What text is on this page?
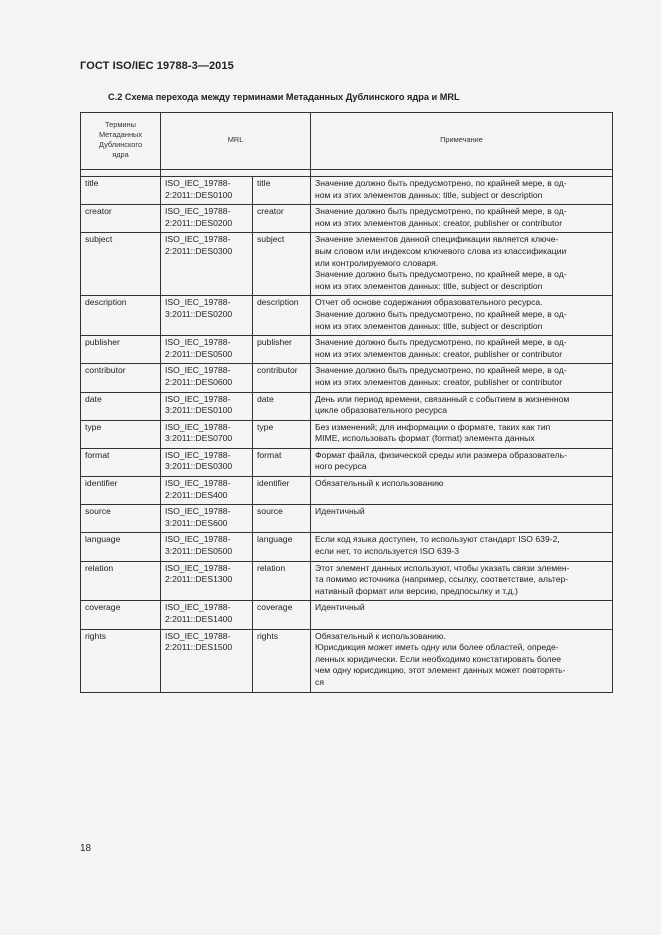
ГОСТ ISO/IEC 19788-3—2015
С.2 Схема перехода между терминами Метаданных Дублинского ядра и MRL
Термины
Метаданных
Дублинского
ядра	MRL		Примечание

title	ISO_IEC_19788-
2:2011::DES0100	title	Значение должно быть предусмотрено, по крайней мере, в од-
ном из этих элементов данных: title, subject or description

creator	ISO_IEC_19788-
2:2011::DES0200	creator	Значение должно быть предусмотрено, по крайней мере, в од-
ном из этих элементов данных: creator, publisher or contributor

subject	ISO_IEC_19788-
2:2011::DES0300	subject	Значение элементов данной спецификации является ключе-
вым словом или индексом ключевого слова из классификации
или контролируемого словаря.
Значение должно быть предусмотрено, по крайней мере, в од-
ном из этих элементов данных: title, subject or description

description	ISO_IEC_19788-
3:2011::DES0200	description	Отчет об основе содержания образовательного ресурса.
Значение должно быть предусмотрено, по крайней мере, в од-
ном из этих элементов данных: title, subject or description

publisher	ISO_IEC_19788-
2:2011::DES0500	publisher	Значение должно быть предусмотрено, по крайней мере, в од-
ном из этих элементов данных: creator, publisher or contributor

contributor	ISO_IEC_19788-
2:2011::DES0600	contributor	Значение должно быть предусмотрено, по крайней мере, в од-
ном из этих элементов данных: creator, publisher or contributor

date	ISO_IEC_19788-
3:2011::DES0100	date	День или период времени, связанный с событием в жизненном
цикле образовательного ресурса

type	ISO_IEC_19788-
3:2011::DES0700	type	Без изменений; для информации о формате, таких как тип
MIME, использовать формат (format) элемента данных

format	ISO_IEC_19788-
3:2011::DES0300	format	Формат файла, физической среды или размера образователь-
ного ресурса

identifier	ISO_IEC_19788-
2:2011::DES400	identifier	Обязательный к использованию

source	ISO_IEC_19788-
3:2011::DES600	source	Идентичный

language	ISO_IEC_19788-
3:2011::DES0500	language	Если код языка доступен, то используют стандарт ISO 639-2,
если нет, то используется ISO 639-3

relation	ISO_IEC_19788-
2:2011::DES1300	relation	Этот элемент данных используют, чтобы указать связи элемен-
та помимо источника (например, ссылку, соответствие, альтер-
нативный формат или версию, предпосылку и т.д.)

coverage	ISO_IEC_19788-
2:2011::DES1400	coverage	Идентичный

rights	ISO_IEC_19788-
2:2011::DES1500	rights	Обязательный к использованию.
Юрисдикция может иметь одну или более областей, опреде-
ленных юридически. Если необходимо констатировать более
чем одну юрисдикцию, этот элемент данных может повторять-
ся
18
